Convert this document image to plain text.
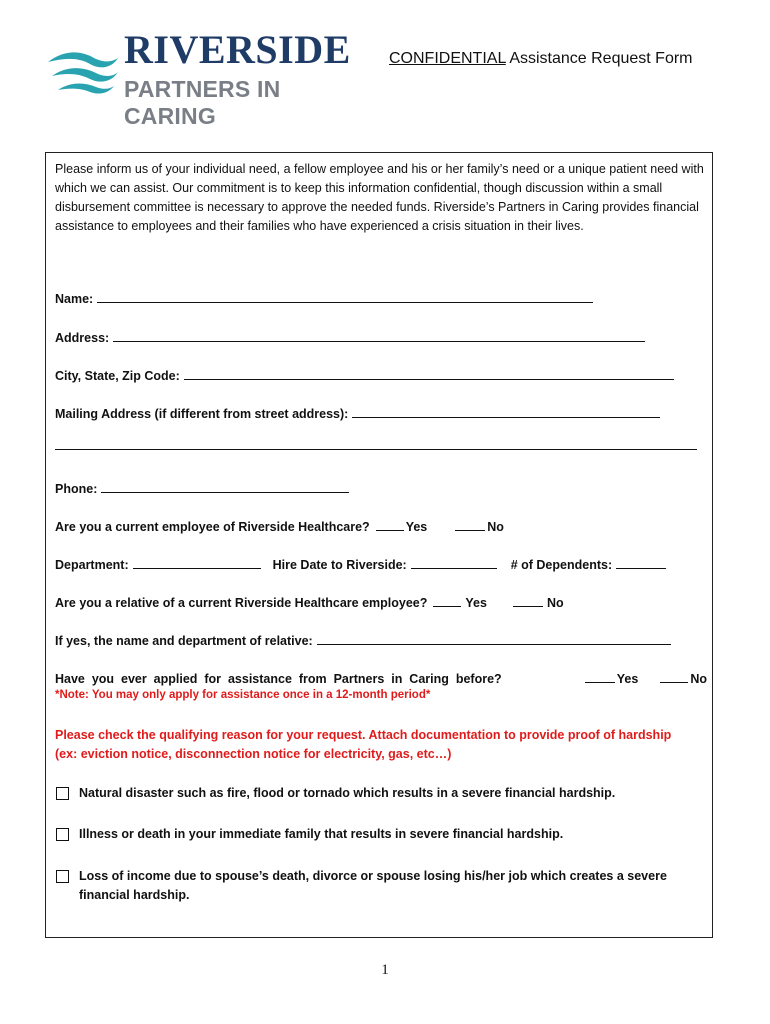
RIVERSIDE
PARTNERS IN CARING
CONFIDENTIAL Assistance Request Form
Please inform us of your individual need, a fellow employee and his or her family’s need or a unique patient need with which we can assist. Our commitment is to keep this information confidential, though discussion within a small disbursement committee is necessary to approve the needed funds. Riverside’s Partners in Caring provides financial assistance to employees and their families who have experienced a crisis situation in their lives.
Name:
Address:
City, State, Zip Code:
Mailing Address (if different from street address):
Phone:
Are you a current employee of Riverside Healthcare?	Yes	No
Department:	Hire Date to Riverside:	# of Dependents:
Are you a relative of a current Riverside Healthcare employee?	Yes	No
If yes, the name and department of relative:
Have  you  ever  applied  for  assistance  from  Partners  in  Caring  before?	Yes	No
*Note: You may only apply for assistance once in a 12-month period*
Please check the qualifying reason for your request. Attach documentation to provide proof of hardship (ex: eviction notice, disconnection notice for electricity, gas, etc…)
Natural disaster such as fire, flood or tornado which results in a severe financial hardship.
Illness or death in your immediate family that results in severe financial hardship.
Loss of income due to spouse’s death, divorce or spouse losing his/her job which creates a severe financial hardship.
1
